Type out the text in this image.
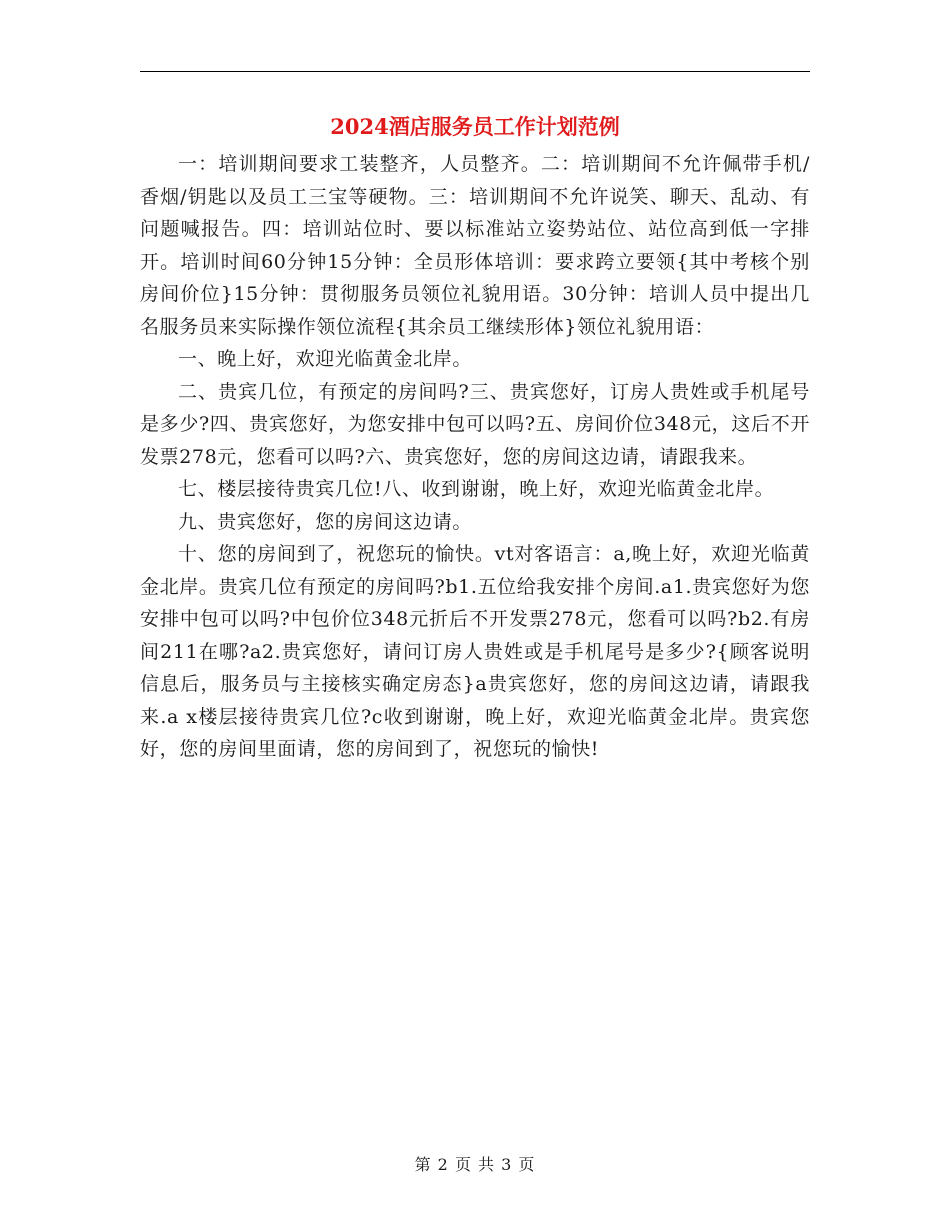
2024酒店服务员工作计划范例

一：培训期间要求工装整齐，人员整齐。二：培训期间不允许佩带手机/香烟/钥匙以及员工三宝等硬物。三：培训期间不允许说笑、聊天、乱动、有问题喊报告。四：培训站位时、要以标准站立姿势站位、站位高到低一字排开。培训时间60分钟15分钟：全员形体培训：要求跨立要领{其中考核个别房间价位}15分钟：贯彻服务员领位礼貌用语。30分钟：培训人员中提出几名服务员来实际操作领位流程{其余员工继续形体}领位礼貌用语：

一、晚上好，欢迎光临黄金北岸。

二、贵宾几位，有预定的房间吗?三、贵宾您好，订房人贵姓或手机尾号是多少?四、贵宾您好，为您安排中包可以吗?五、房间价位348元，这后不开发票278元，您看可以吗?六、贵宾您好，您的房间这边请，请跟我来。

七、楼层接待贵宾几位!八、收到谢谢，晚上好，欢迎光临黄金北岸。

九、贵宾您好，您的房间这边请。

十、您的房间到了，祝您玩的愉快。vt对客语言：a,晚上好，欢迎光临黄金北岸。贵宾几位有预定的房间吗?b1.五位给我安排个房间.a1.贵宾您好为您安排中包可以吗?中包价位348元折后不开发票278元，您看可以吗?b2.有房间211在哪?a2.贵宾您好，请问订房人贵姓或是手机尾号是多少?{顾客说明信息后，服务员与主接核实确定房态}a贵宾您好，您的房间这边请，请跟我来.a x楼层接待贵宾几位?c收到谢谢，晚上好，欢迎光临黄金北岸。贵宾您好，您的房间里面请，您的房间到了，祝您玩的愉快!

第 2 页 共 3 页
